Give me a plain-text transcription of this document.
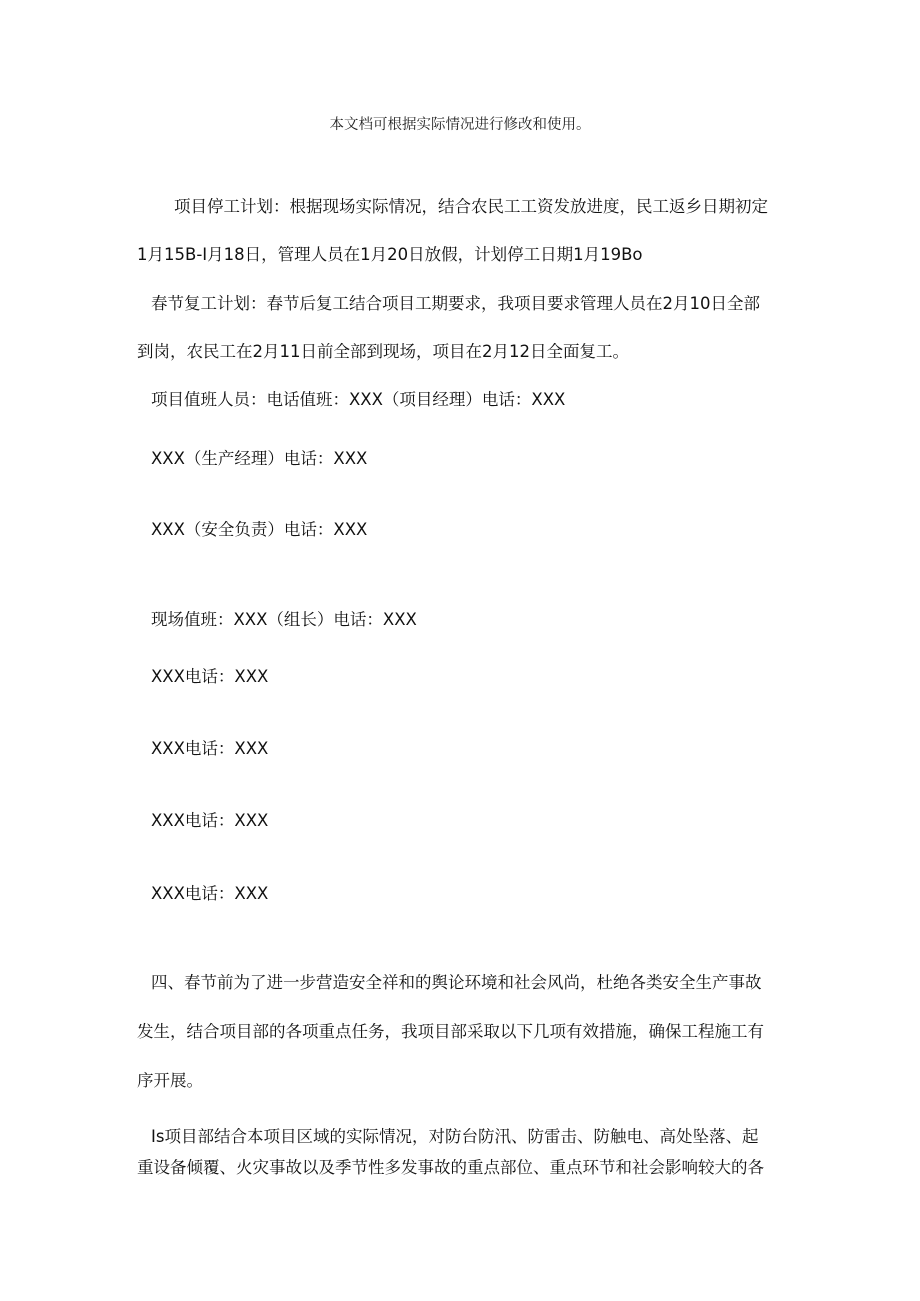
本文档可根据实际情况进行修改和使用。
项目停工计划：根据现场实际情况，结合农民工工资发放进度，民工返乡日期初定
1月15B-I月18日，管理人员在1月20日放假，计划停工日期1月19Bo
春节复工计划：春节后复工结合项目工期要求，我项目要求管理人员在2月10日全部
到岗，农民工在2月11日前全部到现场，项目在2月12日全面复工。
项目值班人员：电话值班：XXX（项目经理）电话：XXX
XXX（生产经理）电话：XXX
XXX（安全负责）电话：XXX
现场值班：XXX（组长）电话：XXX
XXX电话：XXX
XXX电话：XXX
XXX电话：XXX
XXX电话：XXX
四、春节前为了进一步营造安全祥和的舆论环境和社会风尚，杜绝各类安全生产事故
发生，结合项目部的各项重点任务，我项目部采取以下几项有效措施，确保工程施工有
序开展。
Is项目部结合本项目区域的实际情况，对防台防汛、防雷击、防触电、高处坠落、起
重设备倾覆、火灾事故以及季节性多发事故的重点部位、重点环节和社会影响较大的各
